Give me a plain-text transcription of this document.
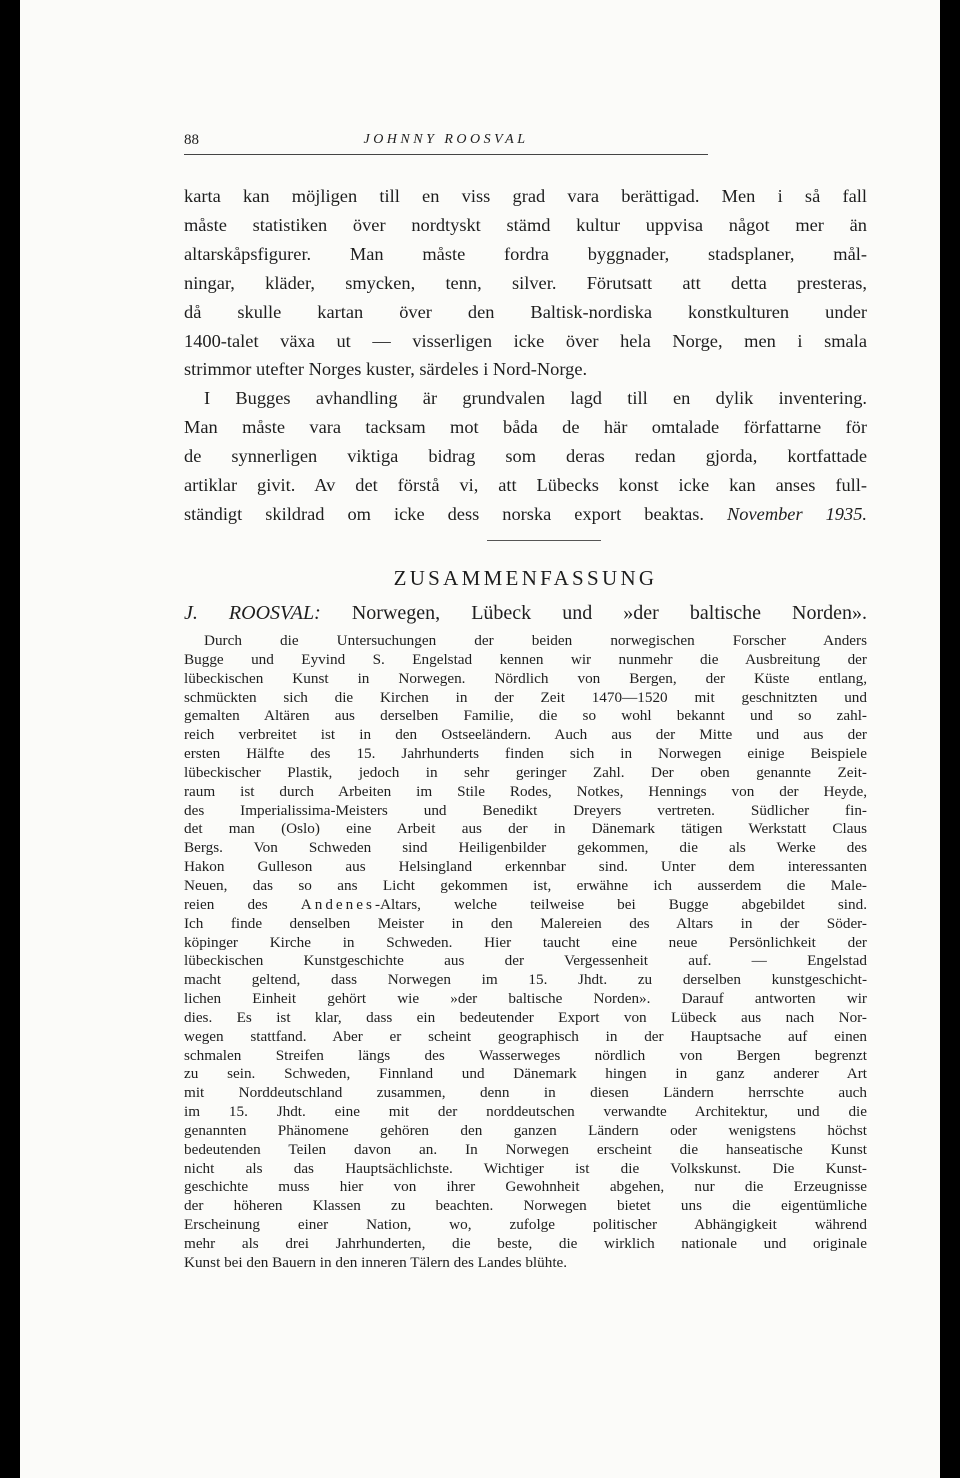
88	JOHNNY ROOSVAL
karta kan möjligen till en viss grad vara berättigad. Men i så fall
måste statistiken över nordtyskt stämd kultur uppvisa något mer än
altarskåpsfigurer. Man måste fordra byggnader, stadsplaner, mål-
ningar, kläder, smycken, tenn, silver. Förutsatt att detta presteras,
då skulle kartan över den Baltisk-nordiska konstkulturen under
1400-talet växa ut — visserligen icke över hela Norge, men i smala
strimmor utefter Norges kuster, särdeles i Nord-Norge.
I Bugges avhandling är grundvalen lagd till en dylik inventering.
Man måste vara tacksam mot båda de här omtalade författarne för
de synnerligen viktiga bidrag som deras redan gjorda, kortfattade
artiklar givit. Av det förstå vi, att Lübecks konst icke kan anses full-
ständigt skildrad om icke dess norska export beaktas. November 1935.
ZUSAMMENFASSUNG
J. ROOSVAL: Norwegen, Lübeck und »der baltische Norden».
Durch die Untersuchungen der beiden norwegischen Forscher Anders
Bugge und Eyvind S. Engelstad kennen wir nunmehr die Ausbreitung der
lübeckischen Kunst in Norwegen. Nördlich von Bergen, der Küste entlang,
schmückten sich die Kirchen in der Zeit 1470—1520 mit geschnitzten und
gemalten Altären aus derselben Familie, die so wohl bekannt und so zahl-
reich verbreitet ist in den Ostseeländern. Auch aus der Mitte und aus der
ersten Hälfte des 15. Jahrhunderts finden sich in Norwegen einige Beispiele
lübeckischer Plastik, jedoch in sehr geringer Zahl. Der oben genannte Zeit-
raum ist durch Arbeiten im Stile Rodes, Notkes, Hennings von der Heyde,
des Imperialissima-Meisters und Benedikt Dreyers vertreten. Südlicher fin-
det man (Oslo) eine Arbeit aus der in Dänemark tätigen Werkstatt Claus
Bergs. Von Schweden sind Heiligenbilder gekommen, die als Werke des
Hakon Gulleson aus Helsingland erkennbar sind. Unter dem interessanten
Neuen, das so ans Licht gekommen ist, erwähne ich ausserdem die Male-
reien des Andenes-Altars, welche teilweise bei Bugge abgebildet sind.
Ich finde denselben Meister in den Malereien des Altars in der Söder-
köpinger Kirche in Schweden. Hier taucht eine neue Persönlichkeit der
lübeckischen Kunstgeschichte aus der Vergessenheit auf. — Engelstad
macht geltend, dass Norwegen im 15. Jhdt. zu derselben kunstgeschicht-
lichen Einheit gehört wie »der baltische Norden». Darauf antworten wir
dies. Es ist klar, dass ein bedeutender Export von Lübeck aus nach Nor-
wegen stattfand. Aber er scheint geographisch in der Hauptsache auf einen
schmalen Streifen längs des Wasserweges nördlich von Bergen begrenzt
zu sein. Schweden, Finnland und Dänemark hingen in ganz anderer Art
mit Norddeutschland zusammen, denn in diesen Ländern herrschte auch
im 15. Jhdt. eine mit der norddeutschen verwandte Architektur, und die
genannten Phänomene gehören den ganzen Ländern oder wenigstens höchst
bedeutenden Teilen davon an. In Norwegen erscheint die hanseatische Kunst
nicht als das Hauptsächlichste. Wichtiger ist die Volkskunst. Die Kunst-
geschichte muss hier von ihrer Gewohnheit abgehen, nur die Erzeugnisse
der höheren Klassen zu beachten. Norwegen bietet uns die eigentümliche
Erscheinung einer Nation, wo, zufolge politischer Abhängigkeit während
mehr als drei Jahrhunderten, die beste, die wirklich nationale und originale
Kunst bei den Bauern in den inneren Tälern des Landes blühte.
